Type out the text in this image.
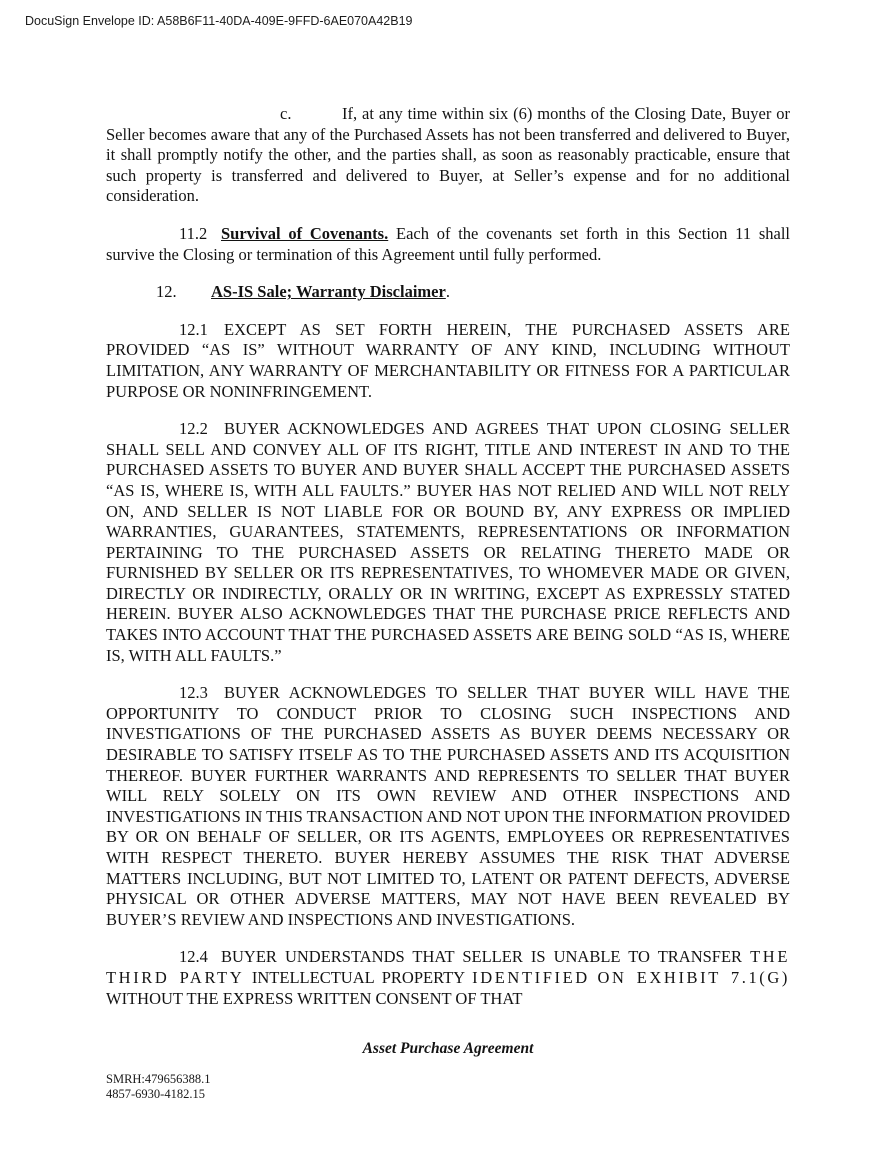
DocuSign Envelope ID: A58B6F11-40DA-409E-9FFD-6AE070A42B19

c.	If, at any time within six (6) months of the Closing Date, Buyer or Seller becomes aware that any of the Purchased Assets has not been transferred and delivered to Buyer, it shall promptly notify the other, and the parties shall, as soon as reasonably practicable, ensure that such property is transferred and delivered to Buyer, at Seller’s expense and for no additional consideration.

11.2 Survival of Covenants. Each of the covenants set forth in this Section 11 shall survive the Closing or termination of this Agreement until fully performed.

12. AS-IS Sale; Warranty Disclaimer.

12.1 EXCEPT AS SET FORTH HEREIN, THE PURCHASED ASSETS ARE PROVIDED “AS IS” WITHOUT WARRANTY OF ANY KIND, INCLUDING WITHOUT LIMITATION, ANY WARRANTY OF MERCHANTABILITY OR FITNESS FOR A PARTICULAR PURPOSE OR NONINFRINGEMENT.

12.2 BUYER ACKNOWLEDGES AND AGREES THAT UPON CLOSING SELLER SHALL SELL AND CONVEY ALL OF ITS RIGHT, TITLE AND INTEREST IN AND TO THE PURCHASED ASSETS TO BUYER AND BUYER SHALL ACCEPT THE PURCHASED ASSETS “AS IS, WHERE IS, WITH ALL FAULTS.” BUYER HAS NOT RELIED AND WILL NOT RELY ON, AND SELLER IS NOT LIABLE FOR OR BOUND BY, ANY EXPRESS OR IMPLIED WARRANTIES, GUARANTEES, STATEMENTS, REPRESENTATIONS OR INFORMATION PERTAINING TO THE PURCHASED ASSETS OR RELATING THERETO MADE OR FURNISHED BY SELLER OR ITS REPRESENTATIVES, TO WHOMEVER MADE OR GIVEN, DIRECTLY OR INDIRECTLY, ORALLY OR IN WRITING, EXCEPT AS EXPRESSLY STATED HEREIN. BUYER ALSO ACKNOWLEDGES THAT THE PURCHASE PRICE REFLECTS AND TAKES INTO ACCOUNT THAT THE PURCHASED ASSETS ARE BEING SOLD “AS IS, WHERE IS, WITH ALL FAULTS.”

12.3 BUYER ACKNOWLEDGES TO SELLER THAT BUYER WILL HAVE THE OPPORTUNITY TO CONDUCT PRIOR TO CLOSING SUCH INSPECTIONS AND INVESTIGATIONS OF THE PURCHASED ASSETS AS BUYER DEEMS NECESSARY OR DESIRABLE TO SATISFY ITSELF AS TO THE PURCHASED ASSETS AND ITS ACQUISITION THEREOF. BUYER FURTHER WARRANTS AND REPRESENTS TO SELLER THAT BUYER WILL RELY SOLELY ON ITS OWN REVIEW AND OTHER INSPECTIONS AND INVESTIGATIONS IN THIS TRANSACTION AND NOT UPON THE INFORMATION PROVIDED BY OR ON BEHALF OF SELLER, OR ITS AGENTS, EMPLOYEES OR REPRESENTATIVES WITH RESPECT THERETO. BUYER HEREBY ASSUMES THE RISK THAT ADVERSE MATTERS INCLUDING, BUT NOT LIMITED TO, LATENT OR PATENT DEFECTS, ADVERSE PHYSICAL OR OTHER ADVERSE MATTERS, MAY NOT HAVE BEEN REVEALED BY BUYER’S REVIEW AND INSPECTIONS AND INVESTIGATIONS.

12.4 BUYER UNDERSTANDS THAT SELLER IS UNABLE TO TRANSFER THE THIRD PARTY INTELLECTUAL PROPERTY IDENTIFIED ON EXHIBIT 7.1(G) WITHOUT THE EXPRESS WRITTEN CONSENT OF THAT

Asset Purchase Agreement
SMRH:479656388.1
4857-6930-4182.15
